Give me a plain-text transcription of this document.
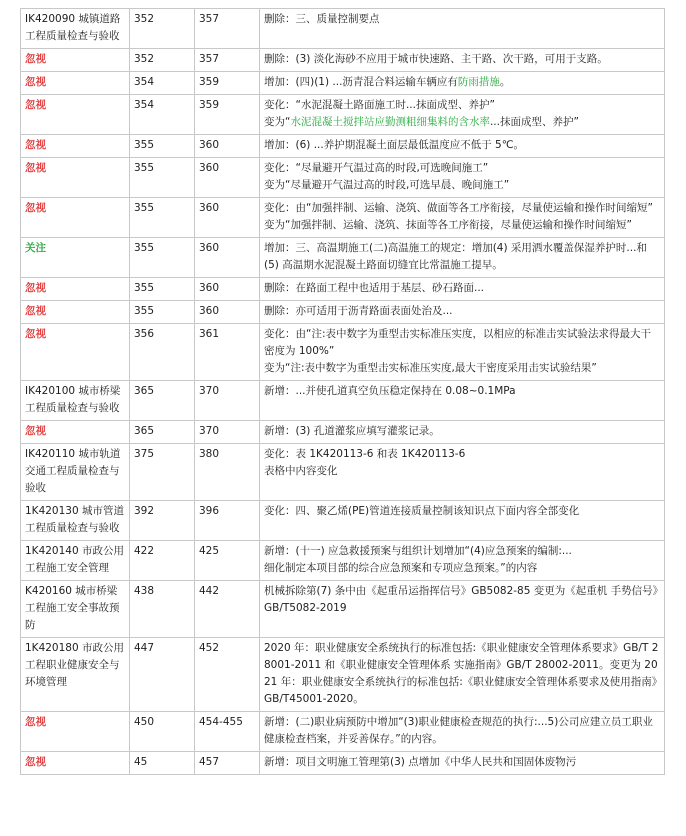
IK420090 城镇道路工程质量检查与验收	352	357	删除：三、质量控制要点

忽视	352	357	删除：(3) 淡化海砂不应用于城市快速路、主干路、次干路，可用于支路。

忽视	354	359	增加：(四)(1) ...沥青混合料运输车辆应有防雨措施。

忽视	354	359	变化：“水泥混凝土路面施工时...抹面成型、养护”
变为“水泥混凝土搅拌站应勤测粗细集料的含水率...抹面成型、养护”

忽视	355	360	增加：(6) ...养护期混凝土面层最低温度应不低于 5℃。

忽视	355	360	变化：“尽量避开气温过高的时段,可选晚间施工”
变为“尽量避开气温过高的时段,可选早晨、晚间施工”

忽视	355	360	变化：由“加强拌制、运输、浇筑、做面等各工序衔接，尽量使运输和操作时间缩短”
变为“加强拌制、运输、浇筑、抹面等各工序衔接，尽量使运输和操作时间缩短”

关注	355	360	增加：三、高温期施工(二)高温施工的规定：增加(4) 采用洒水覆盖保湿养护时...和(5) 高温期水泥混凝土路面切缝宜比常温施工提早。

忽视	355	360	删除：在路面工程中也适用于基层、砂石路面...

忽视	355	360	删除：亦可适用于沥青路面表面处治及...

忽视	356	361	变化：由“注:表中数字为重型击实标准压实度，以相应的标准击实试验法求得最大干密度为 100%”
变为“注:表中数字为重型击实标准压实度,最大干密度采用击实试验结果”

IK420100 城市桥梁工程质量检查与验收	365	370	新增：...并使孔道真空负压稳定保持在 0.08~0.1MPa

忽视	365	370	新增：(3) 孔道灌浆应填写灌浆记录。

IK420110 城市轨道交通工程质量检查与验收	375	380	变化：表 1K420113-6 和表 1K420113-6
表格中内容变化

1K420130 城市管道工程质量检查与验收	392	396	变化：四、聚乙烯(PE)管道连接质量控制该知识点下面内容全部变化

1K420140 市政公用工程施工安全管理	422	425	新增：(十一) 应急救援预案与组织计划增加“(4)应急预案的编制:...
细化制定本项目部的综合应急预案和专项应急预案。”的内容

K420160 城市桥梁工程施工安全事故预防	438	442	机械拆除第(7) 条中由《起重吊运指挥信号》GB5082-85 变更为《起重机 手势信号》GB/T5082-2019

1K420180 市政公用工程职业健康安全与环境管理	447	452	2020 年：职业健康安全系统执行的标准包括:《职业健康安全管理体系要求》GB/T 28001-2011 和《职业健康安全管理体系 实施指南》GB/T 28002-2011。变更为 2021 年：职业健康安全系统执行的标准包括:《职业健康安全管理体系要求及使用指南》GB/T45001-2020。

忽视	450	454-455	新增：(二)职业病预防中增加“(3)职业健康检查规范的执行:...5)公司应建立员工职业健康检查档案，并妥善保存。”的内容。

忽视	45	457	新增：项目文明施工管理第(3) 点增加《中华人民共和国固体废物污
